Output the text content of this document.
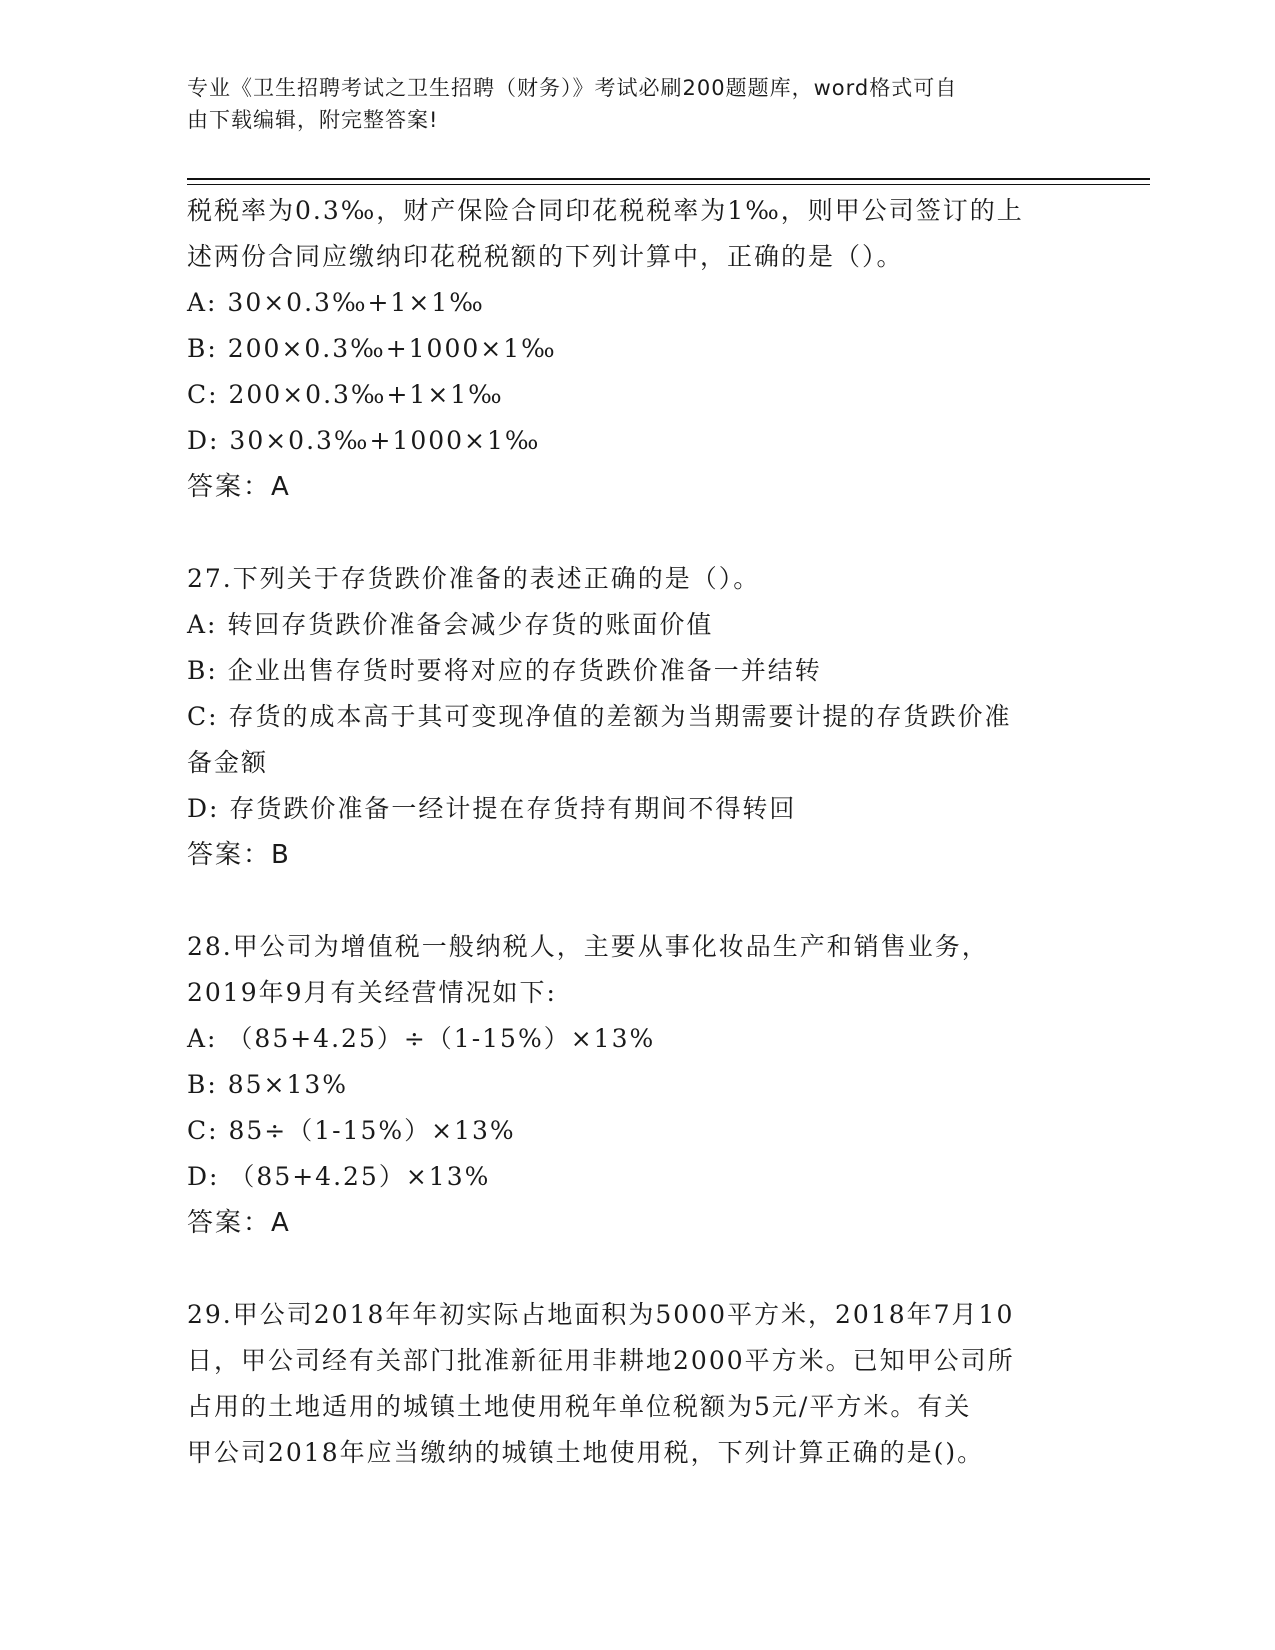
专业《卫生招聘考试之卫生招聘（财务）》考试必刷200题题库，word格式可自
由下载编辑，附完整答案!
税税率为0.3‰，财产保险合同印花税税率为1‰，则甲公司签订的上
述两份合同应缴纳印花税税额的下列计算中，正确的是（）。
A: 30×0.3‰+1×1‰
B: 200×0.3‰+1000×1‰
C: 200×0.3‰+1×1‰
D: 30×0.3‰+1000×1‰
答案：A
27.下列关于存货跌价准备的表述正确的是（）。
A: 转回存货跌价准备会减少存货的账面价值
B: 企业出售存货时要将对应的存货跌价准备一并结转
C: 存货的成本高于其可变现净值的差额为当期需要计提的存货跌价准
备金额
D: 存货跌价准备一经计提在存货持有期间不得转回
答案：B
28.甲公司为增值税一般纳税人，主要从事化妆品生产和销售业务，
2019年9月有关经营情况如下:
A: （85+4.25）÷（1-15%）×13%
B: 85×13%
C: 85÷（1-15%）×13%
D: （85+4.25）×13%
答案：A
29.甲公司2018年年初实际占地面积为5000平方米，2018年7月10
日，甲公司经有关部门批准新征用非耕地2000平方米。已知甲公司所
占用的土地适用的城镇土地使用税年单位税额为5元/平方米。有关
甲公司2018年应当缴纳的城镇土地使用税，下列计算正确的是()。
